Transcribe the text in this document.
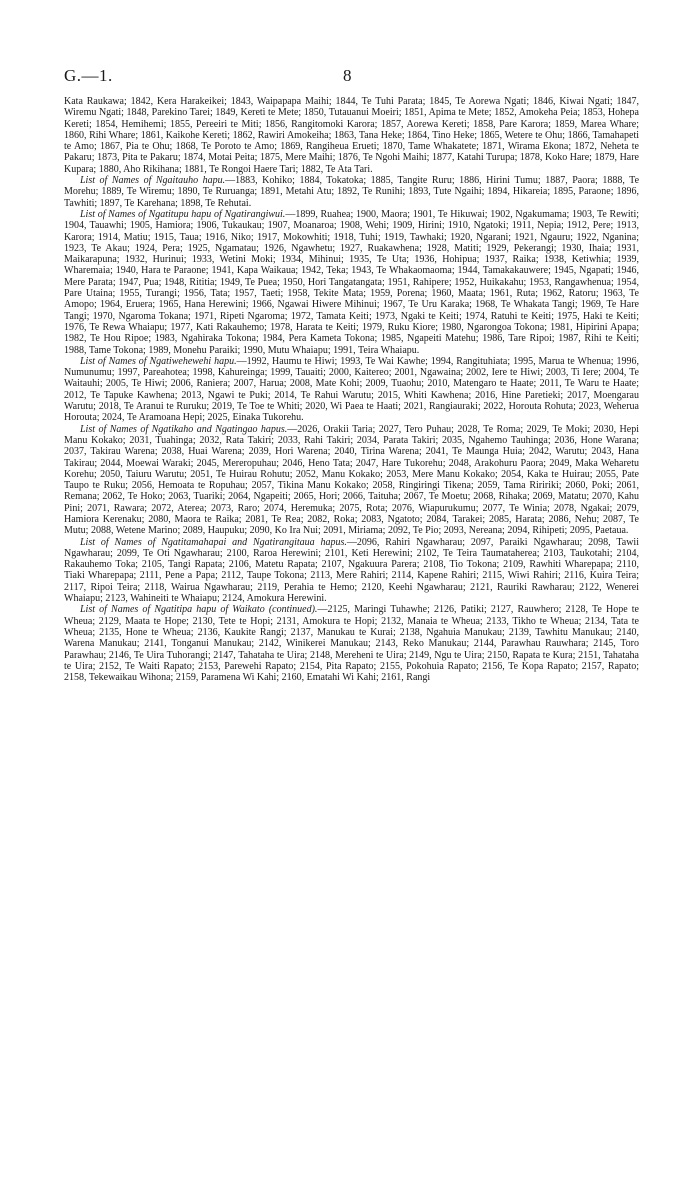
G.—1.	8

Kata Raukawa; 1842, Kera Harakeikei; 1843, Waipapapa Maihi; 1844, Te Tuhi Parata; 1845, Te Aorewa Ngati; 1846, Kiwai Ngati; 1847, Wiremu Ngati; 1848, Parekino Tarei; 1849, Kereti te Mete; 1850, Tutauanui Moeiri; 1851, Apima te Mete; 1852, Amokeha Peia; 1853, Hohepa Kereti; 1854, Hemihemi; 1855, Pereeiri te Miti; 1856, Rangitomoki Karora; 1857, Aorewa Kereti; 1858, Pare Karora; 1859, Marea Whare; 1860, Rihi Whare; 1861, Kaikohe Kereti; 1862, Rawiri Amokeiha; 1863, Tana Heke; 1864, Tino Heke; 1865, Wetere te Ohu; 1866, Tamahapeti te Amo; 1867, Pia te Ohu; 1868, Te Poroto te Amo; 1869, Rangiheua Erueti; 1870, Tame Whakatete; 1871, Wirama Ekona; 1872, Neheta te Pakaru; 1873, Pita te Pakaru; 1874, Motai Peita; 1875, Mere Maihi; 1876, Te Ngohi Maihi; 1877, Katahi Turupa; 1878, Koko Hare; 1879, Hare Kupara; 1880, Aho Rikihana; 1881, Te Rongoi Haere Tari; 1882, Te Ata Tari.

List of Names of Ngaitauho hapu.—1883, Kohiko; 1884, Tokatoka; 1885, Tangite Ruru; 1886, Hirini Tumu; 1887, Paora; 1888, Te Morehu; 1889, Te Wiremu; 1890, Te Ruruanga; 1891, Metahi Atu; 1892, Te Runihi; 1893, Tute Ngaihi; 1894, Hikareia; 1895, Paraone; 1896, Tawhiti; 1897, Te Karehana; 1898, Te Rehutai.

List of Names of Ngatitupu hapu of Ngatirangiwui.—1899, Ruahea; 1900, Maora; 1901, Te Hikuwai; 1902, Ngakumama; 1903, Te Rewiti; 1904, Tauawhi; 1905, Hamiora; 1906, Tukaukau; 1907, Moanaroa; 1908, Wehi; 1909, Hirini; 1910, Ngatoki; 1911, Nepia; 1912, Pere; 1913, Karora; 1914, Matiu; 1915, Taua; 1916, Niko; 1917, Mokowhiti; 1918, Tuhi; 1919, Tawhaki; 1920, Ngarani; 1921, Ngauru; 1922, Nganina; 1923, Te Akau; 1924, Pera; 1925, Ngamatau; 1926, Ngawhetu; 1927, Ruakawhena; 1928, Matiti; 1929, Pekerangi; 1930, Ihaia; 1931, Maikarapuna; 1932, Hurinui; 1933, Wetini Moki; 1934, Mihinui; 1935, Te Uta; 1936, Hohipua; 1937, Raika; 1938, Ketiwhia; 1939, Wharemaia; 1940, Hara te Paraone; 1941, Kapa Waikaua; 1942, Teka; 1943, Te Whakaomaoma; 1944, Tamakakauwere; 1945, Ngapati; 1946, Mere Parata; 1947, Pua; 1948, Rititia; 1949, Te Puea; 1950, Hori Tangatangata; 1951, Rahipere; 1952, Huikakahu; 1953, Rangawhenua; 1954, Pare Utaina; 1955, Turangi; 1956, Tata; 1957, Taeti; 1958, Tekite Mata; 1959, Porena; 1960, Maata; 1961, Ruta; 1962, Ratoru; 1963, Te Amopo; 1964, Eruera; 1965, Hana Herewini; 1966, Ngawai Hiwere Mihinui; 1967, Te Uru Karaka; 1968, Te Whakata Tangi; 1969, Te Hare Tangi; 1970, Ngaroma Tokana; 1971, Ripeti Ngaroma; 1972, Tamata Keiti; 1973, Ngaki te Keiti; 1974, Ratuhi te Keiti; 1975, Haki te Keiti; 1976, Te Rewa Whaiapu; 1977, Kati Rakauhemo; 1978, Harata te Keiti; 1979, Ruku Kiore; 1980, Ngarongoa Tokona; 1981, Hipirini Apapa; 1982, Te Hou Ripoe; 1983, Ngahiraka Tokona; 1984, Pera Kameta Tokona; 1985, Ngapeiti Matehu; 1986, Tare Ripoi; 1987, Rihi te Keiti; 1988, Tame Tokona; 1989, Monehu Paraiki; 1990, Mutu Whaiapu; 1991, Teira Whaiapu.

List of Names of Ngatiwehewehi hapu.—1992, Haumu te Hiwi; 1993, Te Wai Kawhe; 1994, Rangituhiata; 1995, Marua te Whenua; 1996, Numunumu; 1997, Pareahotea; 1998, Kahureinga; 1999, Tauaiti; 2000, Kaitereo; 2001, Ngawaina; 2002, Iere te Hiwi; 2003, Ti Iere; 2004, Te Waitauhi; 2005, Te Hiwi; 2006, Raniera; 2007, Harua; 2008, Mate Kohi; 2009, Tuaohu; 2010, Matengaro te Haate; 2011, Te Waru te Haate; 2012, Te Tapuke Kawhena; 2013, Ngawi te Puki; 2014, Te Rahui Warutu; 2015, Whiti Kawhena; 2016, Hine Paretieki; 2017, Moengarau Warutu; 2018, Te Aranui te Ruruku; 2019, Te Toe te Whiti; 2020, Wi Paea te Haati; 2021, Rangiauraki; 2022, Horouta Rohuta; 2023, Weherua Horouta; 2024, Te Aramoana Hepi; 2025, Einaka Tukorehu.

List of Names of Ngatikaho and Ngatingao hapus.—2026, Orakii Taria; 2027, Tero Puhau; 2028, Te Roma; 2029, Te Moki; 2030, Hepi Manu Kokako; 2031, Tuahinga; 2032, Rata Takiri; 2033, Rahi Takiri; 2034, Parata Takiri; 2035, Ngahemo Tauhinga; 2036, Hone Warana; 2037, Takirau Warena; 2038, Huai Warena; 2039, Hori Warena; 2040, Tirina Warena; 2041, Te Maunga Huia; 2042, Warutu; 2043, Hana Takirau; 2044, Moewai Waraki; 2045, Mereropuhau; 2046, Heno Tata; 2047, Hare Tukorehu; 2048, Arakohuru Paora; 2049, Maka Weharetu Korehu; 2050, Taiuru Warutu; 2051, Te Huirau Rohutu; 2052, Manu Kokako; 2053, Mere Manu Kokako; 2054, Kaka te Huirau; 2055, Pate Taupo te Ruku; 2056, Hemoata te Ropuhau; 2057, Tikina Manu Kokako; 2058, Ringiringi Tikena; 2059, Tama Riririki; 2060, Poki; 2061, Remana; 2062, Te Hoko; 2063, Tuariki; 2064, Ngapeiti; 2065, Hori; 2066, Taituha; 2067, Te Moetu; 2068, Rihaka; 2069, Matatu; 2070, Kahu Pini; 2071, Rawara; 2072, Aterea; 2073, Raro; 2074, Heremuka; 2075, Rota; 2076, Wiapurukumu; 2077, Te Winia; 2078, Ngakai; 2079, Hamiora Kerenaku; 2080, Maora te Raika; 2081, Te Rea; 2082, Roka; 2083, Ngatoto; 2084, Tarakei; 2085, Harata; 2086, Nehu; 2087, Te Mutu; 2088, Wetene Marino; 2089, Haupuku; 2090, Ko Ira Nui; 2091, Miriama; 2092, Te Pio; 2093, Nereana; 2094, Rihipeti; 2095, Paetaua.

List of Names of Ngatitamahapai and Ngatirangitaua hapus.—2096, Rahiri Ngawharau; 2097, Paraiki Ngawharau; 2098, Tawii Ngawharau; 2099, Te Oti Ngawharau; 2100, Raroa Herewini; 2101, Keti Herewini; 2102, Te Teira Taumataherea; 2103, Taukotahi; 2104, Rakauhemo Toka; 2105, Tangi Rapata; 2106, Matetu Rapata; 2107, Ngakuura Parera; 2108, Tio Tokona; 2109, Rawhiti Wharepapa; 2110, Tiaki Wharepapa; 2111, Pene a Papa; 2112, Taupe Tokona; 2113, Mere Rahiri; 2114, Kapene Rahiri; 2115, Wiwi Rahiri; 2116, Kuira Teira; 2117, Ripoi Teira; 2118, Wairua Ngawharau; 2119, Perahia te Hemo; 2120, Keehi Ngawharau; 2121, Rauriki Rawharau; 2122, Wenerei Whaiapu; 2123, Wahineiti te Whaiapu; 2124, Amokura Herewini.

List of Names of Ngatitipa hapu of Waikato (continued).—2125, Maringi Tuhawhe; 2126, Patiki; 2127, Rauwhero; 2128, Te Hope te Wheua; 2129, Maata te Hope; 2130, Tete te Hopi; 2131, Amokura te Hopi; 2132, Manaia te Wheua; 2133, Tikho te Wheua; 2134, Tata te Wheua; 2135, Hone te Wheua; 2136, Kaukite Rangi; 2137, Manukau te Kurai; 2138, Ngahuia Manukau; 2139, Tawhitu Manukau; 2140, Warena Manukau; 2141, Tonganui Manukau; 2142, Winikerei Manukau; 2143, Reko Manukau; 2144, Parawhau Rauwhara; 2145, Toro Parawhau; 2146, Te Uira Tuhorangi; 2147, Tahataha te Uira; 2148, Mereheni te Uira; 2149, Ngu te Uira; 2150, Rapata te Kura; 2151, Tahataha te Uira; 2152, Te Waiti Rapato; 2153, Parewehi Rapato; 2154, Pita Rapato; 2155, Pokohuia Rapato; 2156, Te Kopa Rapato; 2157, Rapato; 2158, Tekewaikau Wihona; 2159, Paramena Wi Kahi; 2160, Ematahi Wi Kahi; 2161, Rangi
